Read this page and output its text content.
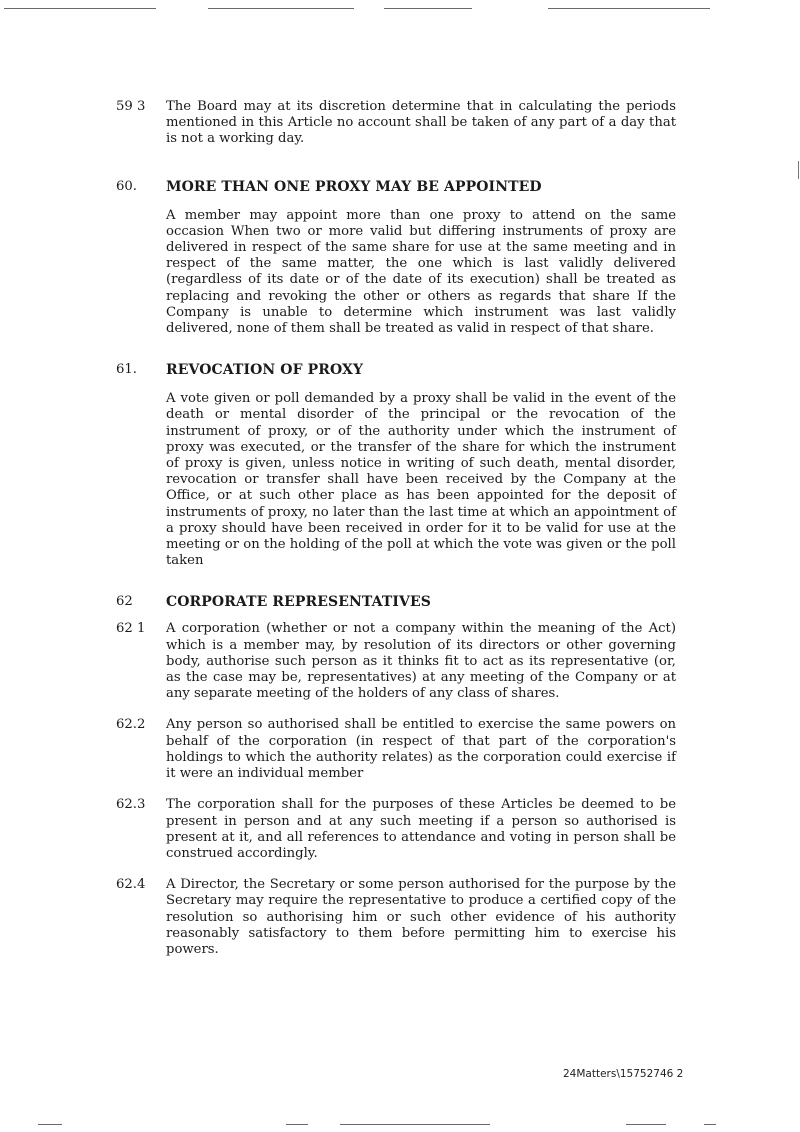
59 3	The Board may at its discretion determine that in calculating the periods mentioned in this Article no account shall be taken of any part of a day that is not a working day.
60.	MORE THAN ONE PROXY MAY BE APPOINTED
A member may appoint more than one proxy to attend on the same occasion When two or more valid but differing instruments of proxy are delivered in respect of the same share for use at the same meeting and in respect of the same matter, the one which is last validly delivered (regardless of its date or of the date of its execution) shall be treated as replacing and revoking the other or others as regards that share If the Company is unable to determine which instrument was last validly delivered, none of them shall be treated as valid in respect of that share.
61.	REVOCATION OF PROXY
A vote given or poll demanded by a proxy shall be valid in the event of the death or mental disorder of the principal or the revocation of the instrument of proxy, or of the authority under which the instrument of proxy was executed, or the transfer of the share for which the instrument of proxy is given, unless notice in writing of such death, mental disorder, revocation or transfer shall have been received by the Company at the Office, or at such other place as has been appointed for the deposit of instruments of proxy, no later than the last time at which an appointment of a proxy should have been received in order for it to be valid for use at the meeting or on the holding of the poll at which the vote was given or the poll taken
62	CORPORATE REPRESENTATIVES
62 1	A corporation (whether or not a company within the meaning of the Act) which is a member may, by resolution of its directors or other governing body, authorise such person as it thinks fit to act as its representative (or, as the case may be, representatives) at any meeting of the Company or at any separate meeting of the holders of any class of shares.
62.2	Any person so authorised shall be entitled to exercise the same powers on behalf of the corporation (in respect of that part of the corporation's holdings to which the authority relates) as the corporation could exercise if it were an individual member
62.3	The corporation shall for the purposes of these Articles be deemed to be present in person and at any such meeting if a person so authorised is present at it, and all references to attendance and voting in person shall be construed accordingly.
62.4	A Director, the Secretary or some person authorised for the purpose by the Secretary may require the representative to produce a certified copy of the resolution so authorising him or such other evidence of his authority reasonably satisfactory to them before permitting him to exercise his powers.
24Matters\15752746 2
